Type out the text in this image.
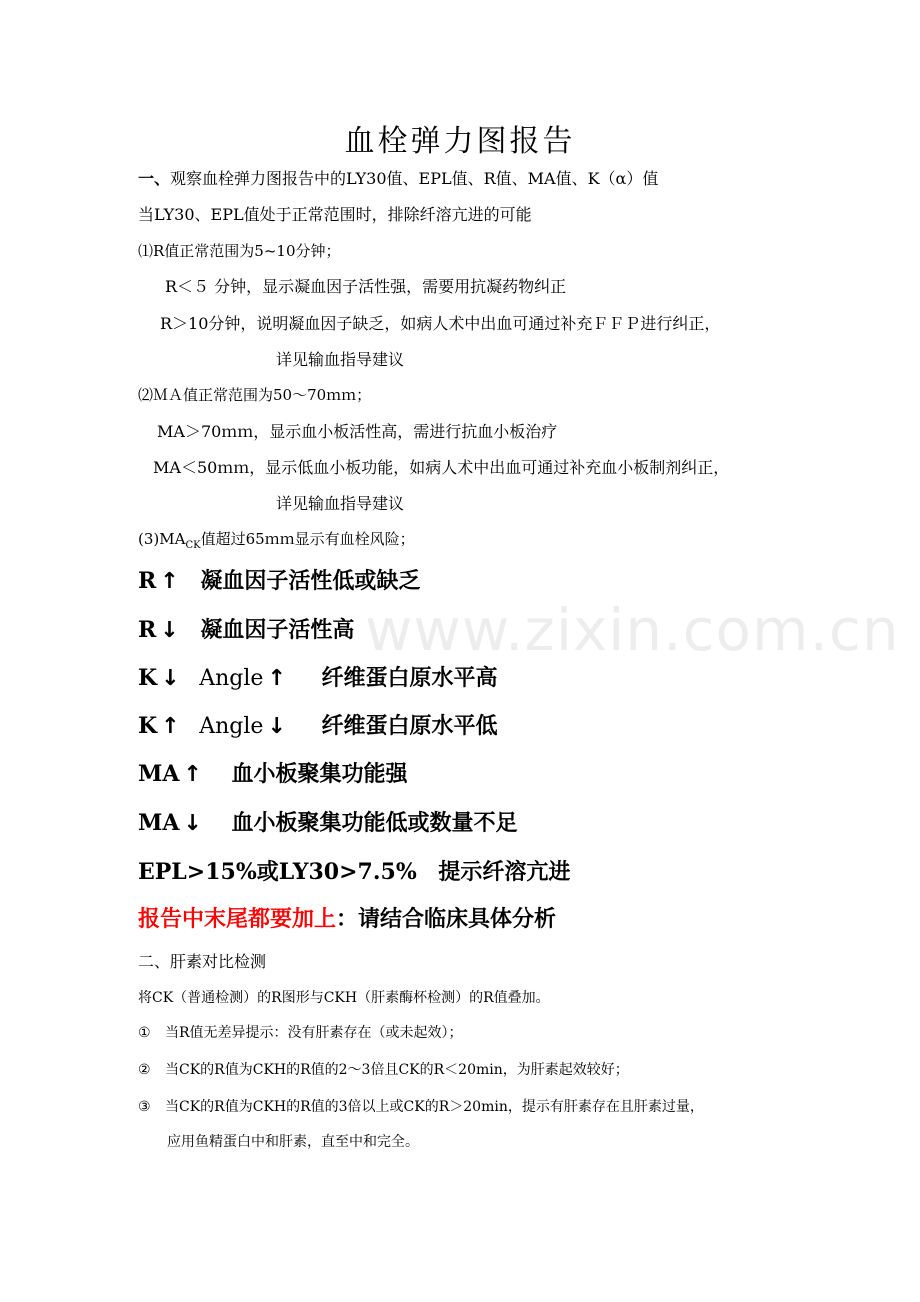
www.zixin.com.cn
血栓弹力图报告
一、观察血栓弹力图报告中的LY30值、EPL值、R值、MA值、K（α）值
当LY30、EPL值处于正常范围时，排除纤溶亢进的可能
⑴R值正常范围为5~10分钟；
R＜５ 分钟，显示凝血因子活性强，需要用抗凝药物纠正
R＞10分钟，说明凝血因子缺乏，如病人术中出血可通过补充ＦＦＰ进行纠正，
详见输血指导建议
⑵ＭＡ值正常范围为50～70ｍｍ；
MA＞70ｍｍ，显示血小板活性高，需进行抗血小板治疗
MA＜50ｍｍ，显示低血小板功能，如病人术中出血可通过补充血小板制剂纠正，
详见输血指导建议
$(3)MA_{CK}$值超过65ｍｍ显示有血栓风险；
R ↑ 凝血因子活性低或缺乏
R ↓ 凝血因子活性高
K ↓ Angle ↑ 纤维蛋白原水平高
K ↑ Angle ↓ 纤维蛋白原水平低
MA ↑ 血小板聚集功能强
MA ↓ 血小板聚集功能低或数量不足
EPL>15%或LY30>7.5% 提示纤溶亢进
报告中末尾都要加上：请结合临床具体分析
二、肝素对比检测
将CK（普通检测）的R图形与CKH（肝素酶杯检测）的R值叠加。
① 当R值无差异提示：没有肝素存在（或未起效）；
② 当CK的R值为CKH的R值的2～3倍且CK的R＜20min，为肝素起效较好；
③ 当CK的R值为CKH的R值的3倍以上或CK的R＞20min，提示有肝素存在且肝素过量，
应用鱼精蛋白中和肝素，直至中和完全。
